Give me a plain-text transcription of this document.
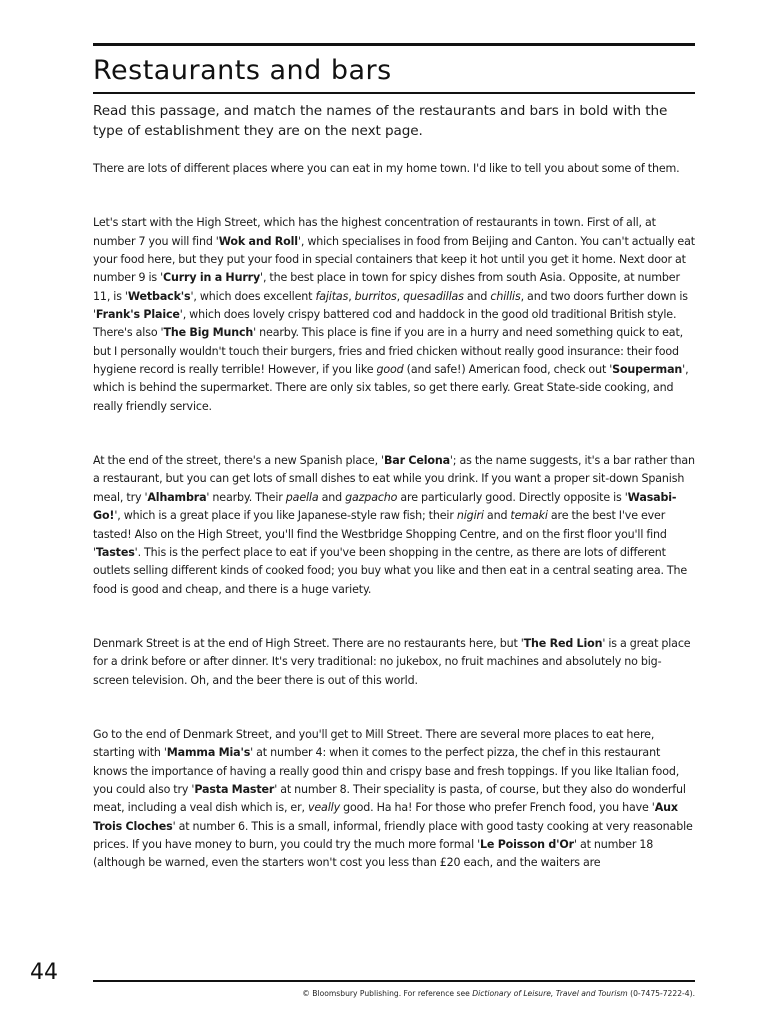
Restaurants and bars

Read this passage, and match the names of the restaurants and bars in bold with the type of establishment they are on the next page.

There are lots of different places where you can eat in my home town. I'd like to tell you about some of them.

Let's start with the High Street, which has the highest concentration of restaurants in town. First of all, at number 7 you will find 'Wok and Roll', which specialises in food from Beijing and Canton. You can't actually eat your food here, but they put your food in special containers that keep it hot until you get it home. Next door at number 9 is 'Curry in a Hurry', the best place in town for spicy dishes from south Asia. Opposite, at number 11, is 'Wetback's', which does excellent fajitas, burritos, quesadillas and chillis, and two doors further down is 'Frank's Plaice', which does lovely crispy battered cod and haddock in the good old traditional British style. There's also 'The Big Munch' nearby. This place is fine if you are in a hurry and need something quick to eat, but I personally wouldn't touch their burgers, fries and fried chicken without really good insurance: their food hygiene record is really terrible! However, if you like good (and safe!) American food, check out 'Souperman', which is behind the supermarket. There are only six tables, so get there early. Great State-side cooking, and really friendly service.

At the end of the street, there's a new Spanish place, 'Bar Celona'; as the name suggests, it's a bar rather than a restaurant, but you can get lots of small dishes to eat while you drink. If you want a proper sit-down Spanish meal, try 'Alhambra' nearby. Their paella and gazpacho are particularly good. Directly opposite is 'Wasabi-Go!', which is a great place if you like Japanese-style raw fish; their nigiri and temaki are the best I've ever tasted! Also on the High Street, you'll find the Westbridge Shopping Centre, and on the first floor you'll find 'Tastes'. This is the perfect place to eat if you've been shopping in the centre, as there are lots of different outlets selling different kinds of cooked food; you buy what you like and then eat in a central seating area. The food is good and cheap, and there is a huge variety.

Denmark Street is at the end of High Street. There are no restaurants here, but 'The Red Lion' is a great place for a drink before or after dinner. It's very traditional: no jukebox, no fruit machines and absolutely no big-screen television. Oh, and the beer there is out of this world.

Go to the end of Denmark Street, and you'll get to Mill Street. There are several more places to eat here, starting with 'Mamma Mia's' at number 4: when it comes to the perfect pizza, the chef in this restaurant knows the importance of having a really good thin and crispy base and fresh toppings. If you like Italian food, you could also try 'Pasta Master' at number 8. Their speciality is pasta, of course, but they also do wonderful meat, including a veal dish which is, er, veally good. Ha ha! For those who prefer French food, you have 'Aux Trois Cloches' at number 6. This is a small, informal, friendly place with good tasty cooking at very reasonable prices. If you have money to burn, you could try the much more formal 'Le Poisson d'Or' at number 18 (although be warned, even the starters won't cost you less than £20 each, and the waiters are

44
© Bloomsbury Publishing. For reference see Dictionary of Leisure, Travel and Tourism (0-7475-7222-4).
